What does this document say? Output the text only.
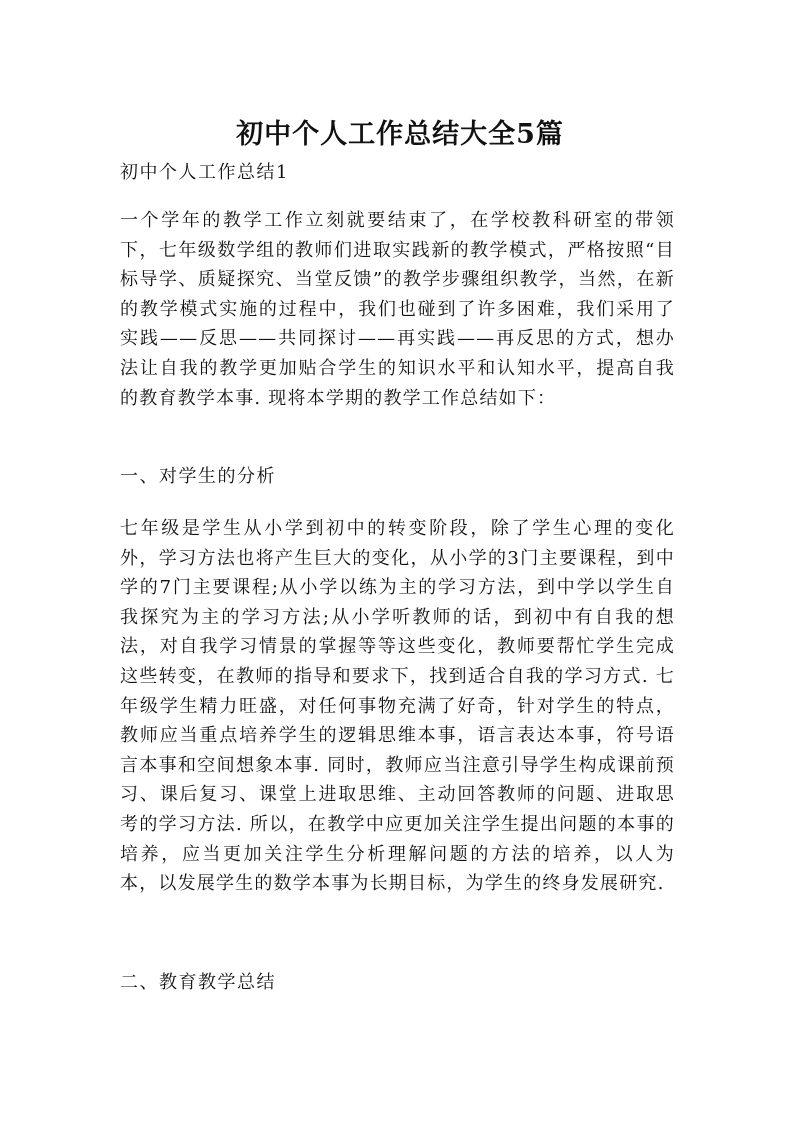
初中个人工作总结大全5篇

初中个人工作总结1

一个学年的教学工作立刻就要结束了，在学校教科研室的带领下，七年级数学组的教师们进取实践新的教学模式，严格按照“目标导学、质疑探究、当堂反馈”的教学步骤组织教学，当然，在新的教学模式实施的过程中，我们也碰到了许多困难，我们采用了实践——反思——共同探讨——再实践——再反思的方式，想办法让自我的教学更加贴合学生的知识水平和认知水平，提高自我的教育教学本事. 现将本学期的教学工作总结如下：

一、对学生的分析

七年级是学生从小学到初中的转变阶段，除了学生心理的变化外，学习方法也将产生巨大的变化，从小学的3门主要课程，到中学的7门主要课程;从小学以练为主的学习方法，到中学以学生自我探究为主的学习方法;从小学听教师的话，到初中有自我的想法，对自我学习情景的掌握等等这些变化，教师要帮忙学生完成这些转变，在教师的指导和要求下，找到适合自我的学习方式. 七年级学生精力旺盛，对任何事物充满了好奇，针对学生的特点，教师应当重点培养学生的逻辑思维本事，语言表达本事，符号语言本事和空间想象本事. 同时，教师应当注意引导学生构成课前预习、课后复习、课堂上进取思维、主动回答教师的问题、进取思考的学习方法. 所以，在教学中应更加关注学生提出问题的本事的培养，应当更加关注学生分析理解问题的方法的培养，以人为本，以发展学生的数学本事为长期目标，为学生的终身发展研究.

二、教育教学总结
